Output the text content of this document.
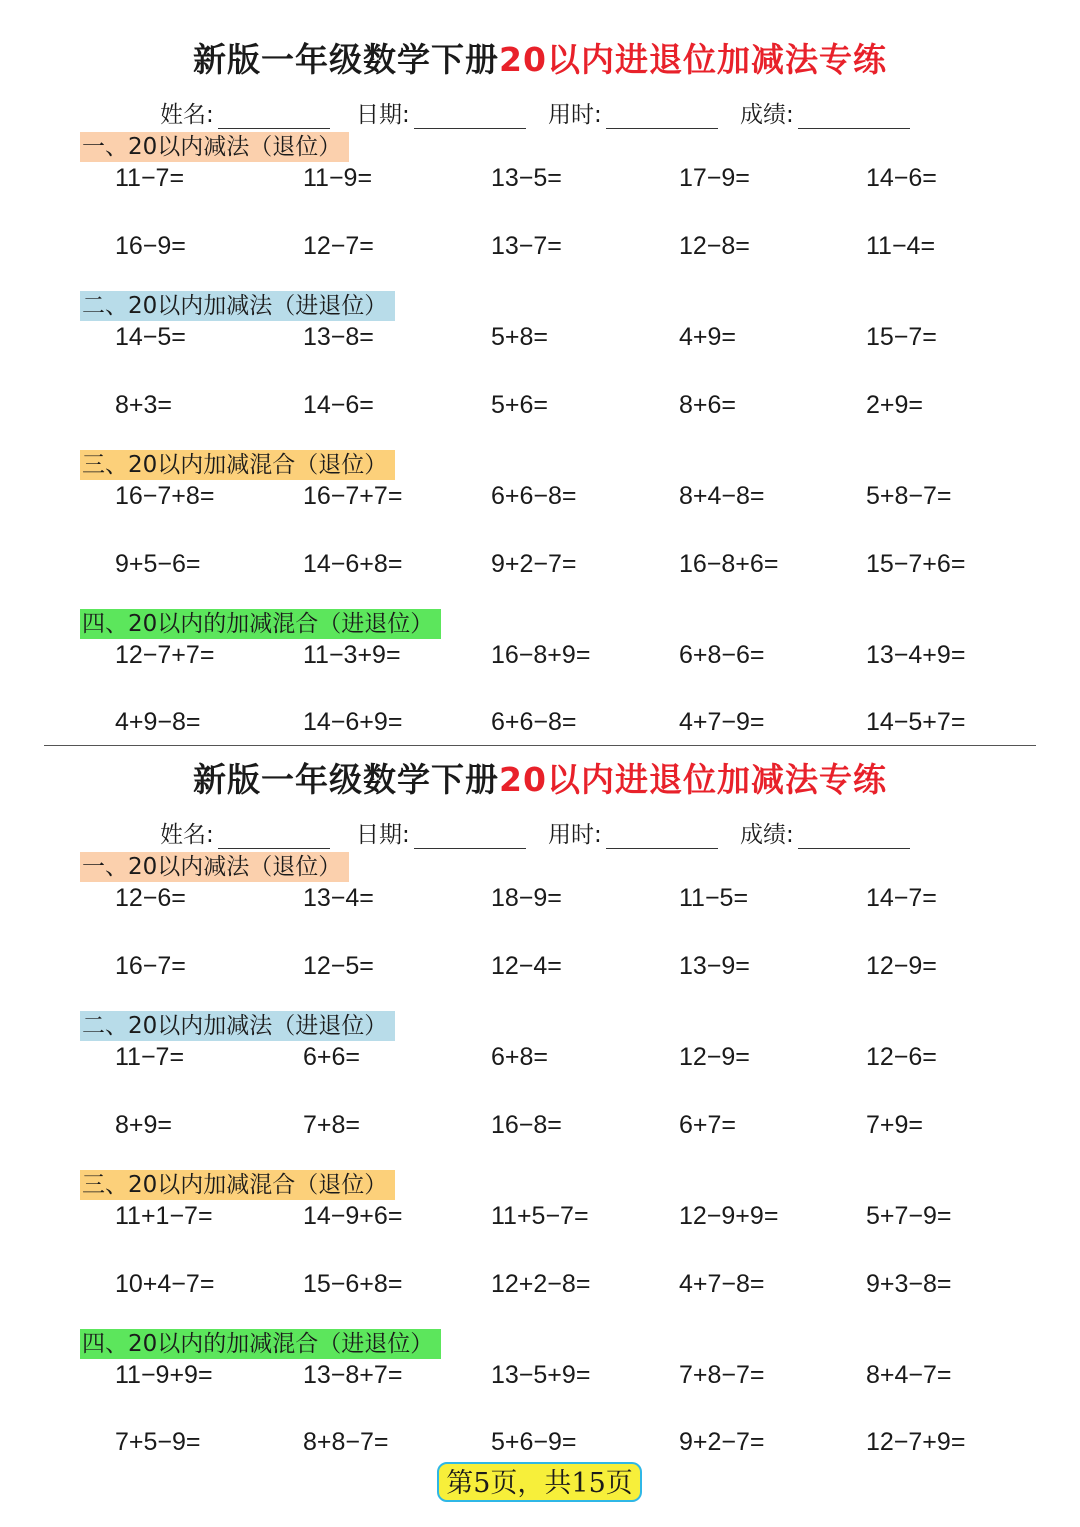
新版一年级数学下册20以内进退位加减法专练
姓名:	日期:	用时:	成绩:
一、20以内减法（退位）
11−7=	11−9=	13−5=	17−9=	14−6=
16−9=	12−7=	13−7=	12−8=	11−4=
二、20以内加减法（进退位）
14−5=	13−8=	5+8=	4+9=	15−7=
8+3=	14−6=	5+6=	8+6=	2+9=
三、20以内加减混合（退位）
16−7+8=	16−7+7=	6+6−8=	8+4−8=	5+8−7=
9+5−6=	14−6+8=	9+2−7=	16−8+6=	15−7+6=
四、20以内的加减混合（进退位）
12−7+7=	11−3+9=	16−8+9=	6+8−6=	13−4+9=
4+9−8=	14−6+9=	6+6−8=	4+7−9=	14−5+7=
新版一年级数学下册20以内进退位加减法专练
姓名:	日期:	用时:	成绩:
一、20以内减法（退位）
12−6=	13−4=	18−9=	11−5=	14−7=
16−7=	12−5=	12−4=	13−9=	12−9=
二、20以内加减法（进退位）
11−7=	6+6=	6+8=	12−9=	12−6=
8+9=	7+8=	16−8=	6+7=	7+9=
三、20以内加减混合（退位）
11+1−7=	14−9+6=	11+5−7=	12−9+9=	5+7−9=
10+4−7=	15−6+8=	12+2−8=	4+7−8=	9+3−8=
四、20以内的加减混合（进退位）
11−9+9=	13−8+7=	13−5+9=	7+8−7=	8+4−7=
7+5−9=	8+8−7=	5+6−9=	9+2−7=	12−7+9=
第5页，共15页
